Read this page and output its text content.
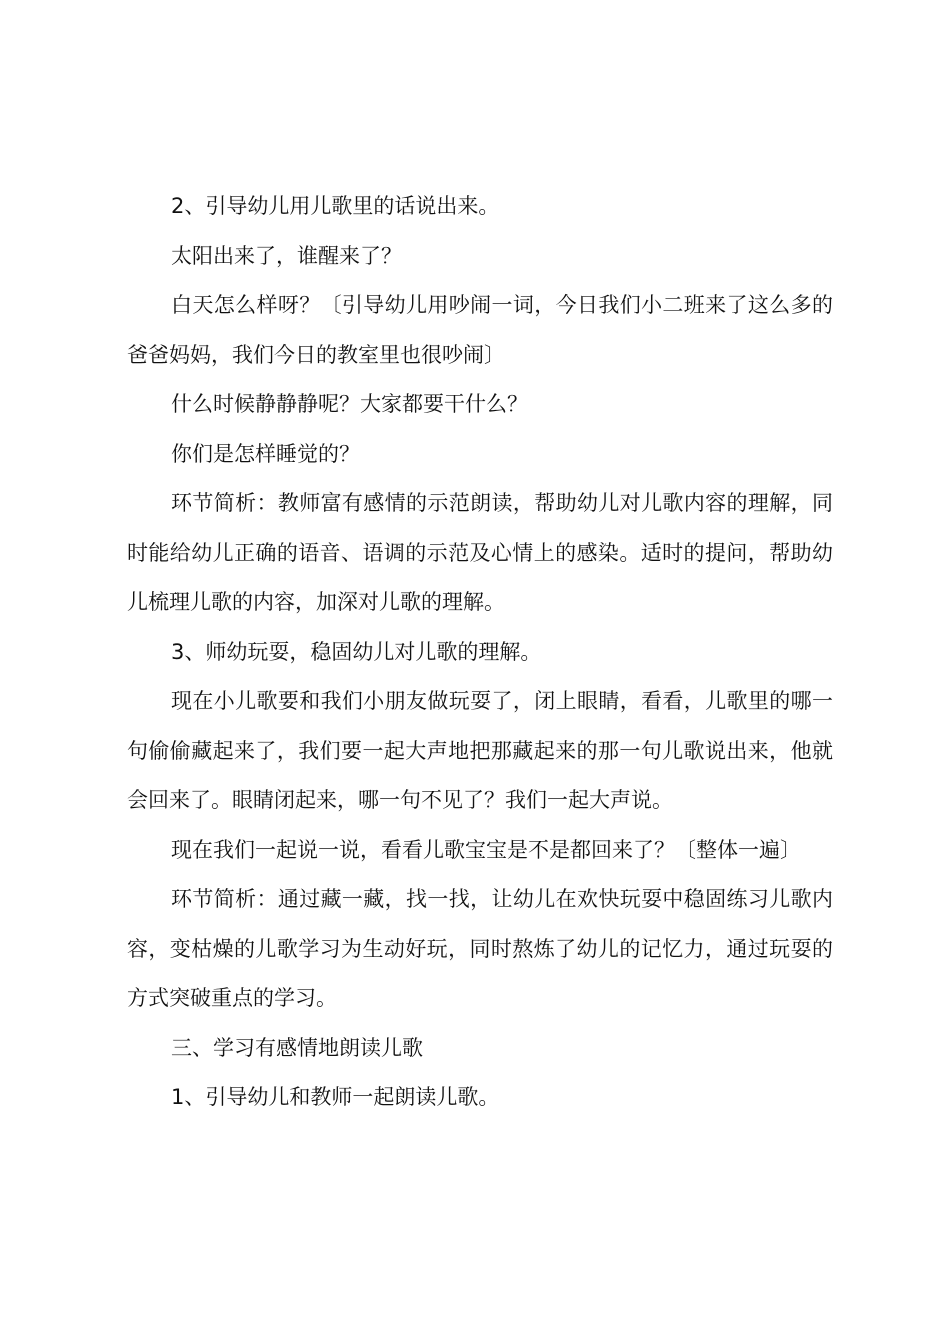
2、引导幼儿用儿歌里的话说出来。

太阳出来了，谁醒来了？

白天怎么样呀？〔引导幼儿用吵闹一词，今日我们小二班来了这么多的爸爸妈妈，我们今日的教室里也很吵闹〕

什么时候静静静呢？大家都要干什么？

你们是怎样睡觉的？

环节简析：教师富有感情的示范朗读，帮助幼儿对儿歌内容的理解，同时能给幼儿正确的语音、语调的示范及心情上的感染。适时的提问，帮助幼儿梳理儿歌的内容，加深对儿歌的理解。

3、师幼玩耍，稳固幼儿对儿歌的理解。

现在小儿歌要和我们小朋友做玩耍了，闭上眼睛，看看，儿歌里的哪一句偷偷藏起来了，我们要一起大声地把那藏起来的那一句儿歌说出来，他就会回来了。眼睛闭起来，哪一句不见了？我们一起大声说。

现在我们一起说一说，看看儿歌宝宝是不是都回来了？〔整体一遍〕

环节简析：通过藏一藏，找一找，让幼儿在欢快玩耍中稳固练习儿歌内容，变枯燥的儿歌学习为生动好玩，同时熬炼了幼儿的记忆力，通过玩耍的方式突破重点的学习。

三、学习有感情地朗读儿歌

1、引导幼儿和教师一起朗读儿歌。
